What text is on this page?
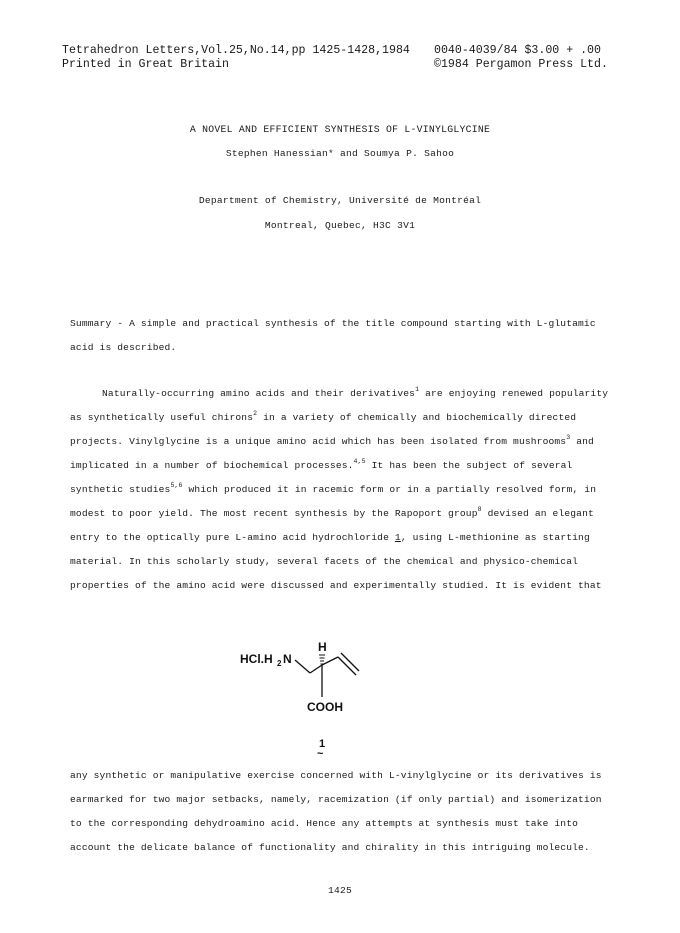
Tetrahedron Letters,Vol.25,No.14,pp 1425-1428,1984 0040-4039/84 $3.00 + .00
Printed in Great Britain	©1984 Pergamon Press Ltd.
A NOVEL AND EFFICIENT SYNTHESIS OF L-VINYLGLYCINE
Stephen Hanessian* and Soumya P. Sahoo
Department of Chemistry, Université de Montréal
Montreal, Quebec, H3C 3V1
Summary - A simple and practical synthesis of the title compound starting with L-glutamic
acid is described.
Naturally-occurring amino acids and their derivatives$^1$ are enjoying renewed popularity
as synthetically useful chirons$^2$ in a variety of chemically and biochemically directed
projects. Vinylglycine is a unique amino acid which has been isolated from mushrooms$^3$ and
implicated in a number of biochemical processes.$^{4,5}$ It has been the subject of several
synthetic studies$^{5,6}$ which produced it in racemic form or in a partially resolved form, in
modest to poor yield. The most recent synthesis by the Rapoport group$^8$ devised an elegant
entry to the optically pure L-amino acid hydrochloride 1, using L-methionine as starting
material. In this scholarly study, several facets of the chemical and physico-chemical
properties of the amino acid were discussed and experimentally studied. It is evident that
HCl.H 2 N
H
COOH
1
~
any synthetic or manipulative exercise concerned with L-vinylglycine or its derivatives is
earmarked for two major setbacks, namely, racemization (if only partial) and isomerization
to the corresponding dehydroamino acid. Hence any attempts at synthesis must take into
account the delicate balance of functionality and chirality in this intriguing molecule.
1425
